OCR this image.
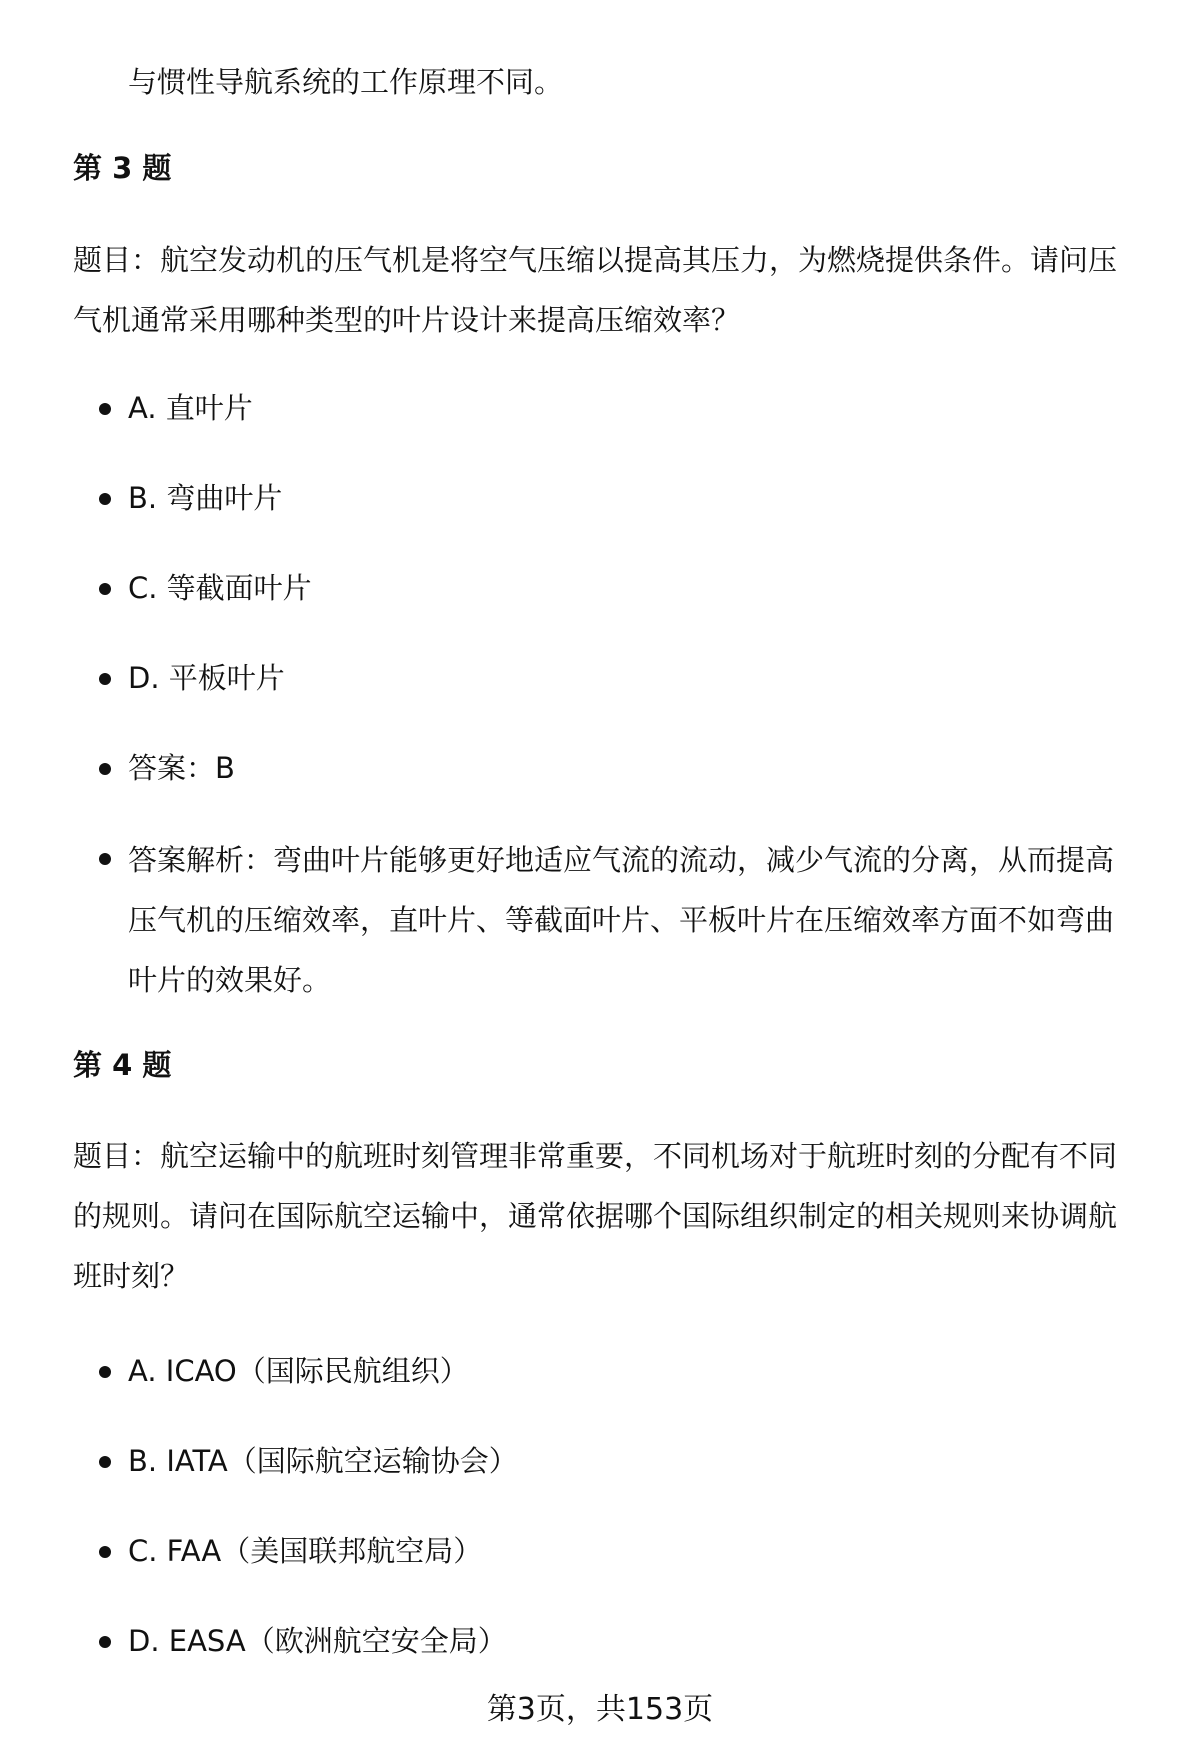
与惯性导航系统的工作原理不同。
第 3 题
题目：航空发动机的压气机是将空气压缩以提高其压力，为燃烧提供条件。请问压
气机通常采用哪种类型的叶片设计来提高压缩效率？
A. 直叶片
B. 弯曲叶片
C. 等截面叶片
D. 平板叶片
答案：B
答案解析：弯曲叶片能够更好地适应气流的流动，减少气流的分离，从而提高
压气机的压缩效率，直叶片、等截面叶片、平板叶片在压缩效率方面不如弯曲
叶片的效果好。
第 4 题
题目：航空运输中的航班时刻管理非常重要，不同机场对于航班时刻的分配有不同
的规则。请问在国际航空运输中，通常依据哪个国际组织制定的相关规则来协调航
班时刻？
A. ICAO（国际民航组织）
B. IATA（国际航空运输协会）
C. FAA（美国联邦航空局）
D. EASA（欧洲航空安全局）
第3页，共153页
